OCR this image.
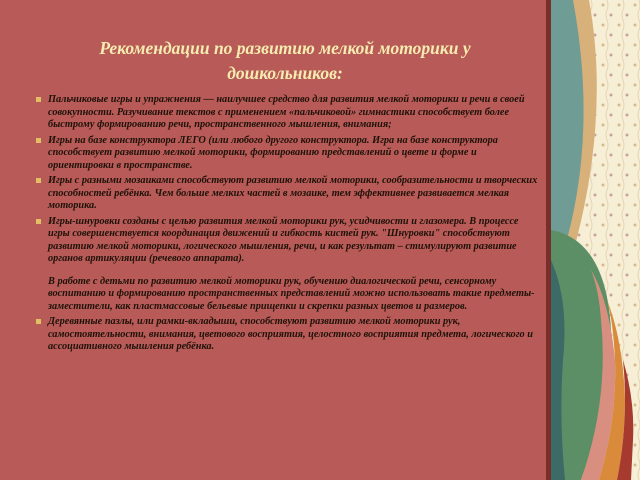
Рекомендации по развитию мелкой моторики у дошкольников:
Пальчиковые игры и упражнения — наилучшее средство для развития мелкой моторики и речи в своей совокупности. Разучивание текстов с применением «пальчиковой» гимнастики способствует более быстрому формированию речи, пространственного мышления, внимания;
Игры на базе конструктора ЛЕГО (или любого другого конструктора. Игра на базе конструктора способствует развитию мелкой моторики, формированию представлений о цвете и форме и ориентировки в пространстве.
Игры с разными мозаиками способствуют развитию мелкой моторики, сообразительности и творческих способностей ребёнка. Чем больше мелких частей в мозаике, тем эффективнее развивается мелкая моторика.
Игры-шнуровки созданы с целью развития мелкой моторики рук, усидчивости и глазомера. В процессе игры совершенствуется координация движений и гибкость кистей рук. "Шнуровки" способствуют развитию мелкой моторики, логического мышления, речи, и как результат – стимулируют развитие органов артикуляции (речевого аппарата).
В работе с детьми по развитию мелкой моторики рук, обучению диалогической речи, сенсорному воспитанию и формированию пространственных представлений можно использовать такие предметы-заместители, как пластмассовые бельевые прищепки и скрепки разных цветов и размеров.
Деревянные пазлы, или рамки-вкладыши, способствуют развитию мелкой моторики рук, самостоятельности, внимания, цветового восприятия, целостного восприятия предмета, логического и ассоциативного мышления ребёнка.
